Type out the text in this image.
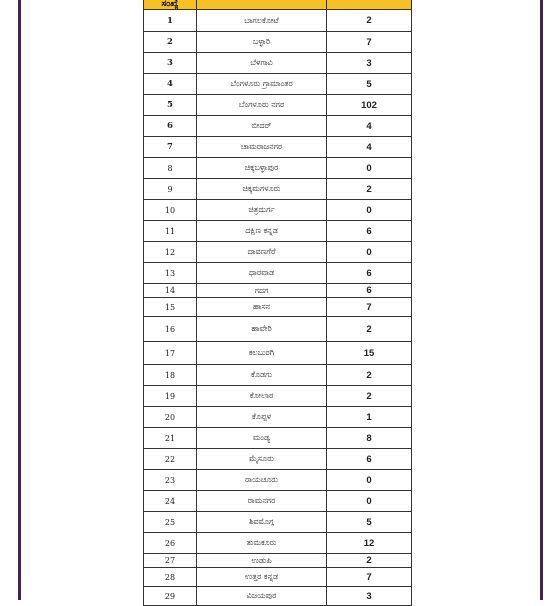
ಸಂಖ್ಯೆ		
1	ಬಾಗಲಕೋಟೆ	2
2	ಬಳ್ಳಾರಿ	7
3	ಬೆಳಗಾವಿ	3
4	ಬೆಂಗಳೂರು ಗ್ರಾಮಾಂತರ	5
5	ಬೆಂಗಳೂರು ನಗರ	102
6	ಬೀದರ್	4
7	ಚಾಮರಾಜನಗರ	4
8	ಚಿಕ್ಕಬಳ್ಳಾಪುರ	0
9	ಚಿಕ್ಕಮಗಳೂರು	2
10	ಚಿತ್ರದುರ್ಗ	0
11	ದಕ್ಷಿಣ ಕನ್ನಡ	6
12	ದಾವಣಗೆರೆ	0
13	ಧಾರವಾಡ	6
14	ಗದಗ	6
15	ಹಾಸನ	7
16	ಹಾವೇರಿ	2
17	ಕಲಬುರಗಿ	15
18	ಕೊಡಗು	2
19	ಕೋಲಾರ	2
20	ಕೊಪ್ಪಳ	1
21	ಮಂಡ್ಯ	8
22	ಮೈಸೂರು	6
23	ರಾಯಚೂರು	0
24	ರಾಮನಗರ	0
25	ಶಿವಮೊಗ್ಗ	5
26	ತುಮಕೂರು	12
27	ಉಡುಪಿ	2
28	ಉತ್ತರ ಕನ್ನಡ	7
29	ವಿಜಯಪುರ	3
